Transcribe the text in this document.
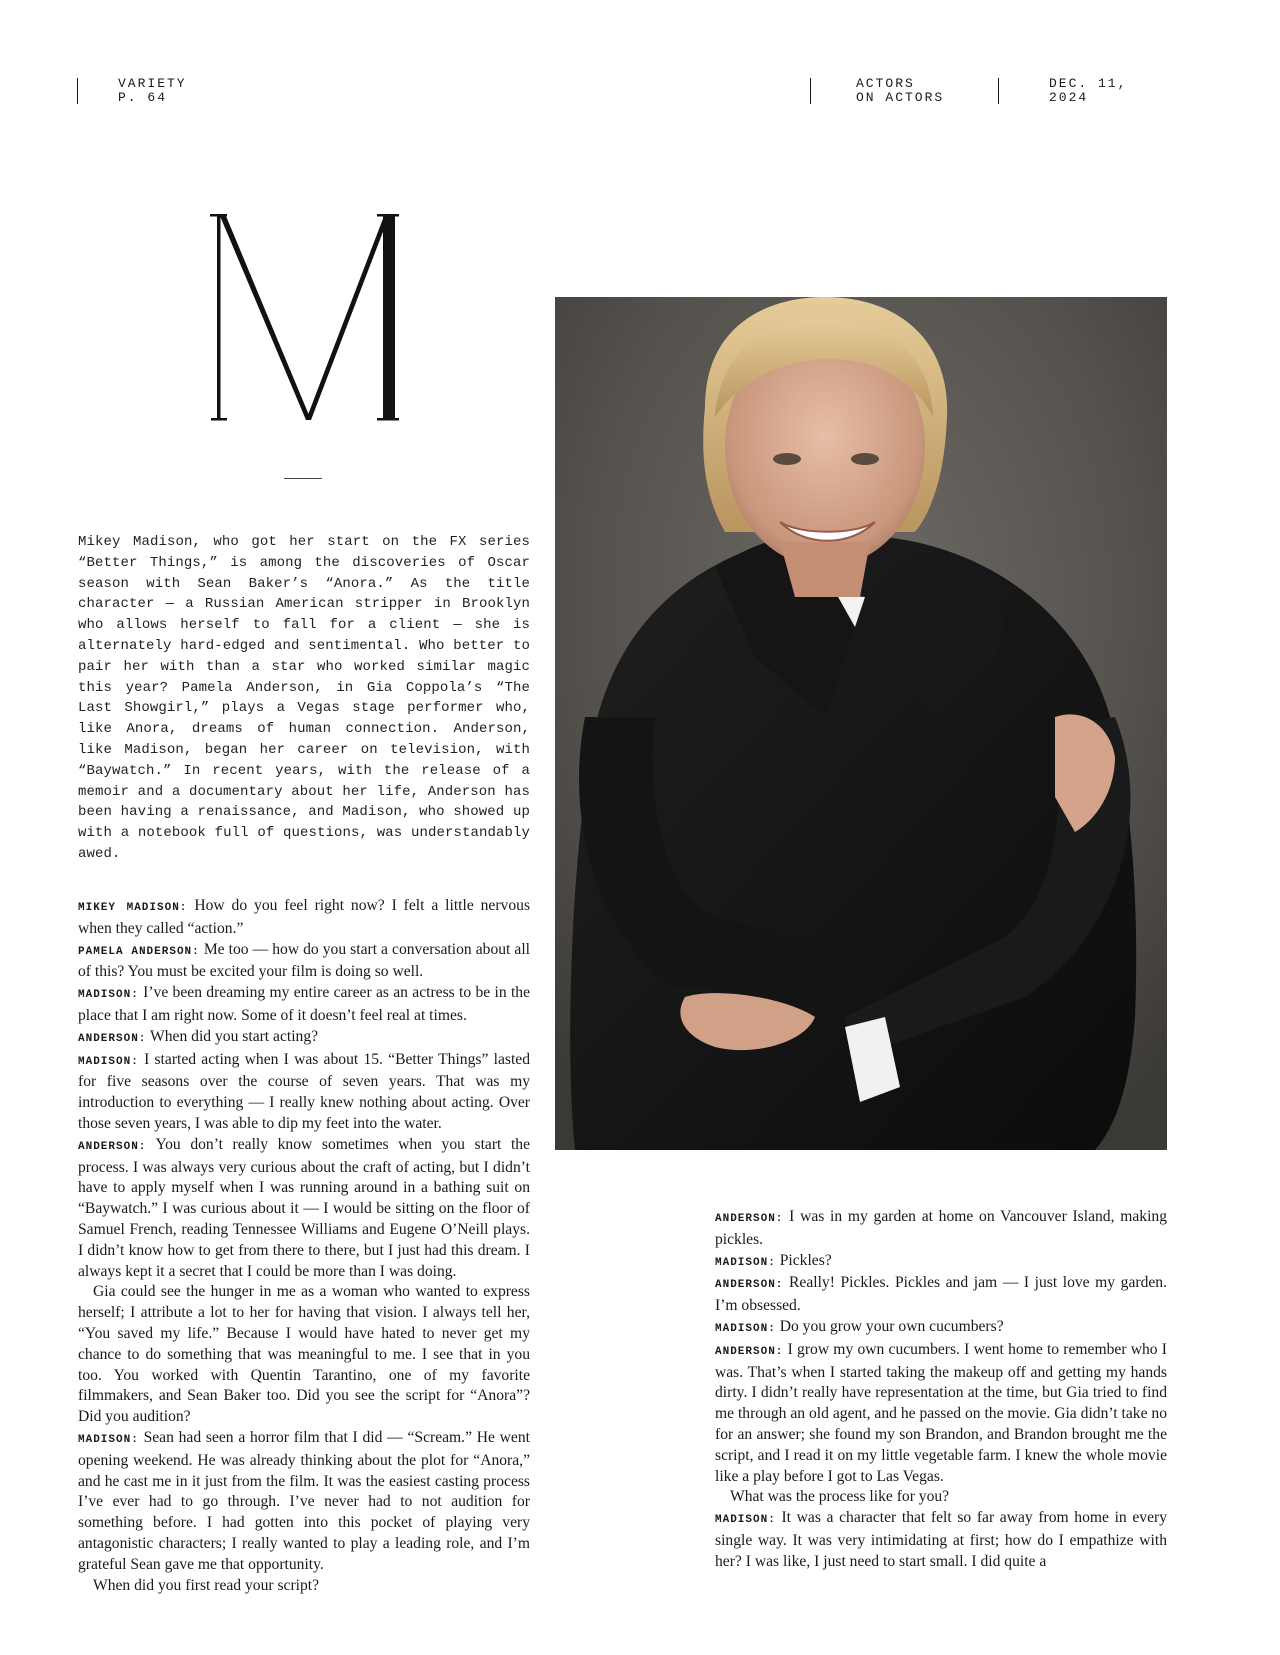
VARIETY
P. 64
ACTORS
ON ACTORS
DEC. 11,
2024
Mikey Madison, who got her start on the FX series “Better Things,” is among the discoveries of Oscar season with Sean Baker’s “Anora.” As the title character — a Russian American stripper in Brooklyn who allows herself to fall for a client — she is alternately hard-edged and sentimental. Who better to pair her with than a star who worked similar magic this year? Pamela Anderson, in Gia Coppola’s “The Last Showgirl,” plays a Vegas stage performer who, like Anora, dreams of human connection. Anderson, like Madison, began her career on television, with “Baywatch.” In recent years, with the release of a memoir and a documentary about her life, Anderson has been having a renaissance, and Madison, who showed up with a notebook full of questions, was understandably awed.

MIKEY MADISON: How do you feel right now? I felt a little nervous when they called “action.”

PAMELA ANDERSON: Me too — how do you start a conversation about all of this? You must be excited your film is doing so well.

MADISON: I’ve been dreaming my entire career as an actress to be in the place that I am right now. Some of it doesn’t feel real at times.

ANDERSON: When did you start acting?

MADISON: I started acting when I was about 15. “Better Things” lasted for five seasons over the course of seven years. That was my introduction to everything — I really knew nothing about acting. Over those seven years, I was able to dip my feet into the water.

ANDERSON: You don’t really know sometimes when you start the process. I was always very curious about the craft of acting, but I didn’t have to apply myself when I was running around in a bathing suit on “Baywatch.” I was curious about it — I would be sitting on the floor of Samuel French, reading Tennessee Williams and Eugene O’Neill plays. I didn’t know how to get from there to there, but I just had this dream. I always kept it a secret that I could be more than I was doing.

Gia could see the hunger in me as a woman who wanted to express herself; I attribute a lot to her for having that vision. I always tell her, “You saved my life.” Because I would have hated to never get my chance to do something that was meaningful to me. I see that in you too. You worked with Quentin Tarantino, one of my favorite filmmakers, and Sean Baker too. Did you see the script for “Anora”? Did you audition?

MADISON: Sean had seen a horror film that I did — “Scream.” He went opening weekend. He was already thinking about the plot for “Anora,” and he cast me in it just from the film. It was the easiest casting process I’ve ever had to go through. I’ve never had to not audition for something before. I had gotten into this pocket of playing very antagonistic characters; I really wanted to play a leading role, and I’m grateful Sean gave me that opportunity.

When did you first read your script?

ANDERSON: I was in my garden at home on Vancouver Island, making pickles.

MADISON: Pickles?

ANDERSON: Really! Pickles. Pickles and jam — I just love my garden. I’m obsessed.

MADISON: Do you grow your own cucumbers?

ANDERSON: I grow my own cucumbers. I went home to remember who I was. That’s when I started taking the makeup off and getting my hands dirty. I didn’t really have representation at the time, but Gia tried to find me through an old agent, and he passed on the movie. Gia didn’t take no for an answer; she found my son Brandon, and Brandon brought me the script, and I read it on my little vegetable farm. I knew the whole movie like a play before I got to Las Vegas.

What was the process like for you?

MADISON: It was a character that felt so far away from home in every single way. It was very intimidating at first; how do I empathize with her? I was like, I just need to start small. I did quite a
